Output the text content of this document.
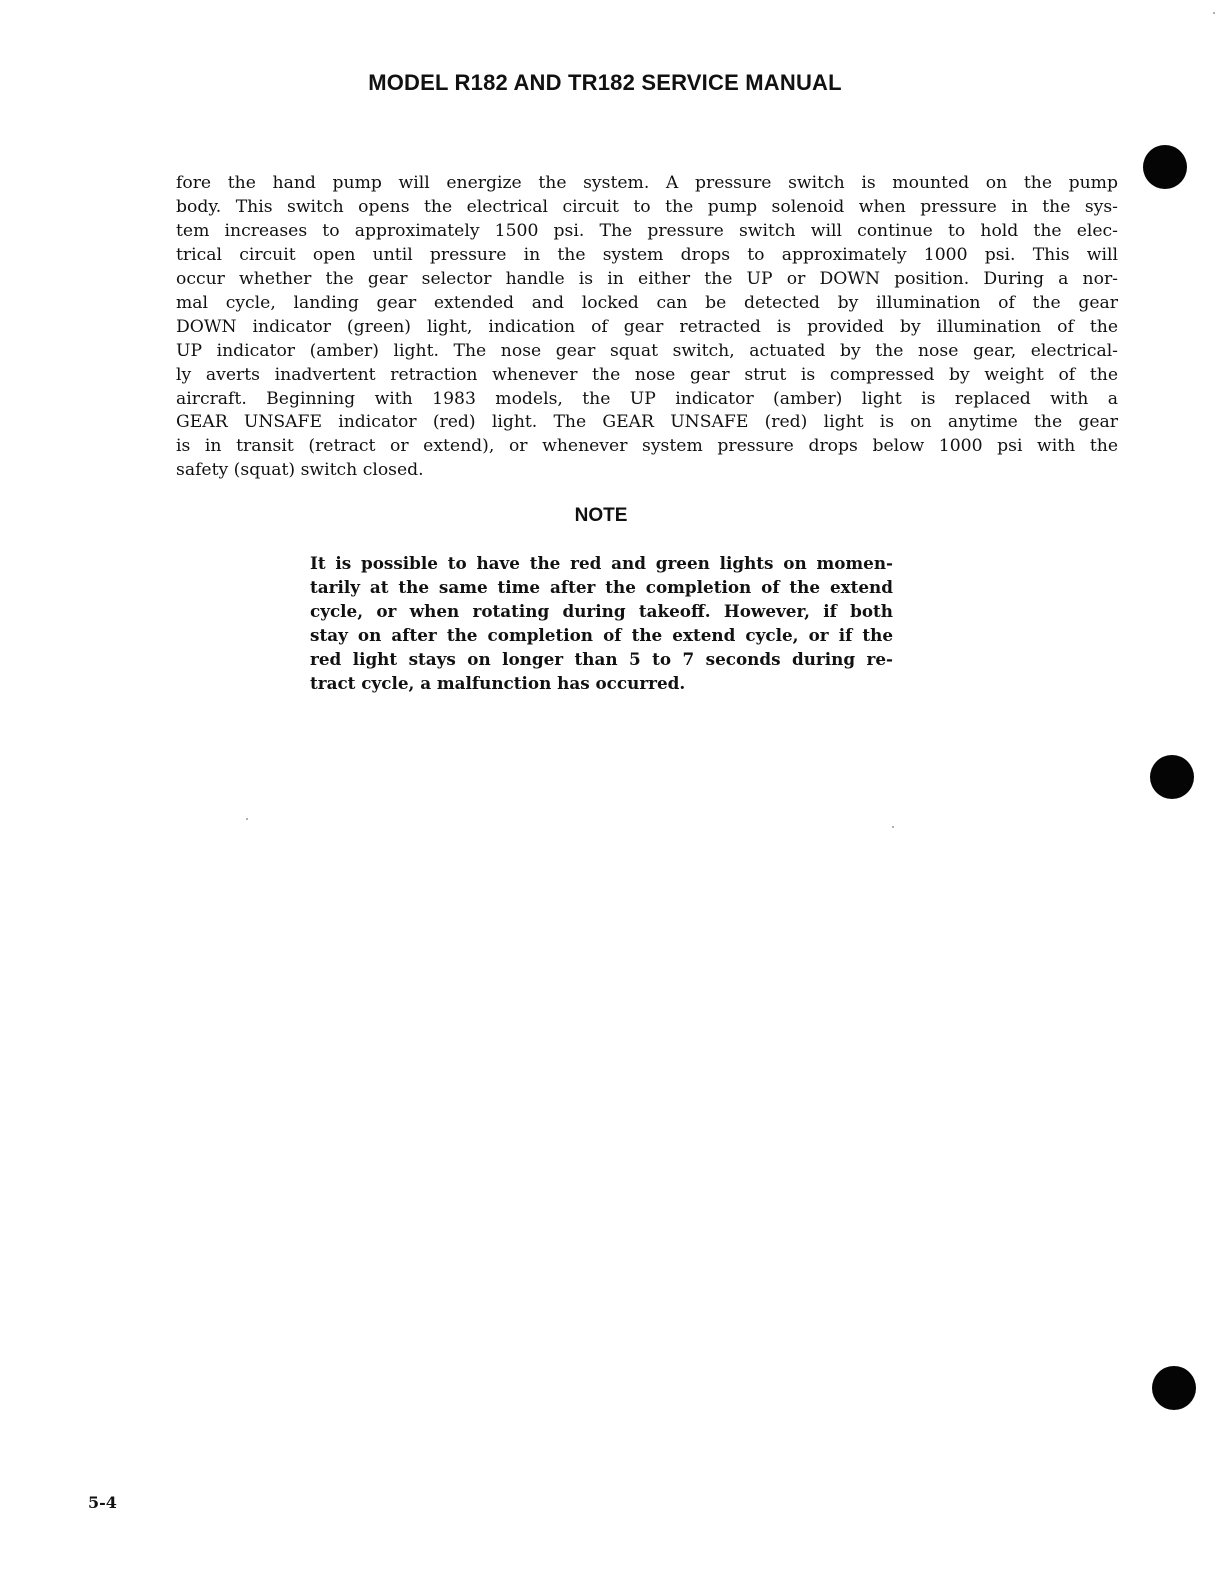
MODEL R182 AND TR182 SERVICE MANUAL

fore the hand pump will energize the system. A pressure switch is mounted on the pump

body. This switch opens the electrical circuit to the pump solenoid when pressure in the sys-

tem increases to approximately 1500 psi. The pressure switch will continue to hold the elec-

trical circuit open until pressure in the system drops to approximately 1000 psi. This will

occur whether the gear selector handle is in either the UP or DOWN position. During a nor-

mal cycle, landing gear extended and locked can be detected by illumination of the gear

DOWN indicator (green) light, indication of gear retracted is provided by illumination of the

UP indicator (amber) light. The nose gear squat switch, actuated by the nose gear, electrical-

ly averts inadvertent retraction whenever the nose gear strut is compressed by weight of the

aircraft. Beginning with 1983 models, the UP indicator (amber) light is replaced with a

GEAR UNSAFE indicator (red) light. The GEAR UNSAFE (red) light is on anytime the gear

is in transit (retract or extend), or whenever system pressure drops below 1000 psi with the

safety (squat) switch closed.

NOTE

It is possible to have the red and green lights on momen-

tarily at the same time after the completion of the extend

cycle, or when rotating during takeoff. However, if both

stay on after the completion of the extend cycle, or if the

red light stays on longer than 5 to 7 seconds during re-

tract cycle, a malfunction has occurred.

5-4
